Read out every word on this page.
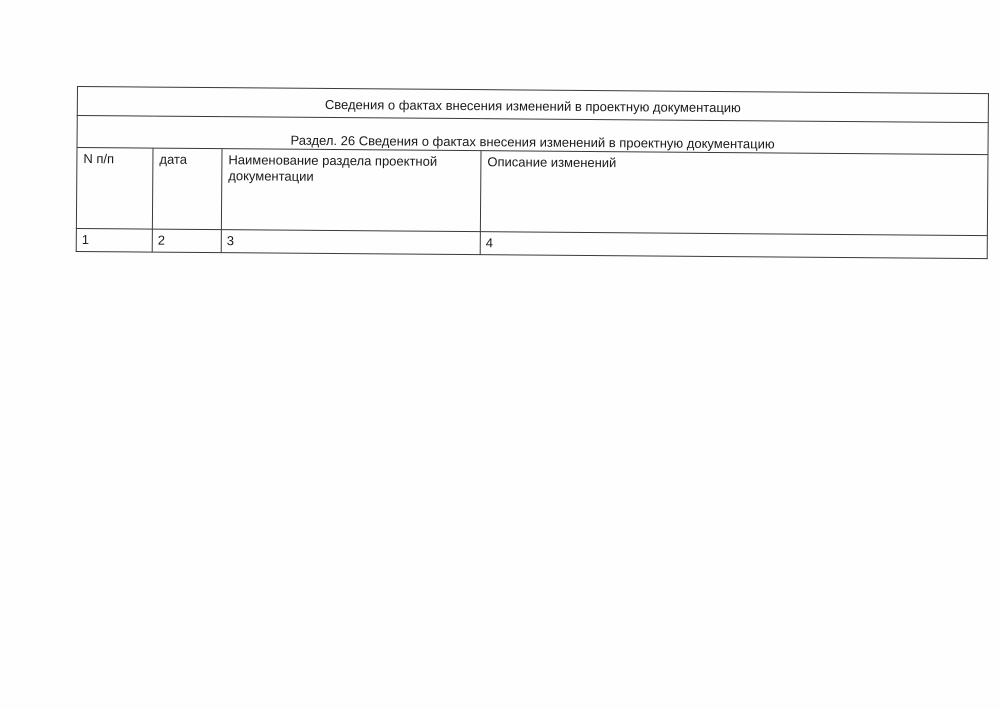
Сведения о фактах внесения изменений в проектную документацию			
Раздел. 26 Сведения о фактах внесения изменений в проектную документацию			

N п/п	дата	Наименование раздела проектной документации	Описание изменений

1	2	3	4
